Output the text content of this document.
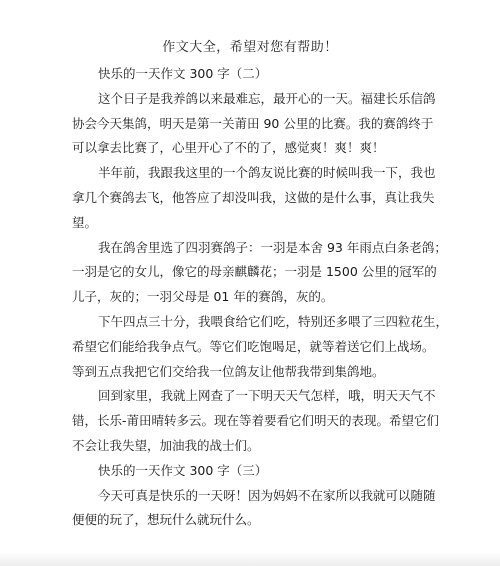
作文大全，希望对您有帮助！
快乐的一天作文 300 字（二）
这个日子是我养鸽以来最难忘，最开心的一天。福建长乐信鸽
协会今天集鸽，明天是第一关莆田 90 公里的比赛。我的赛鸽终于
可以拿去比赛了，心里开心了不的了，感觉爽！爽！爽！
半年前，我跟我这里的一个鸽友说比赛的时候叫我一下，我也
拿几个赛鸽去飞，他答应了却没叫我，这做的是什么事，真让我失
望。
我在鸽舍里选了四羽赛鸽子：一羽是本舍 93 年雨点白条老鸽；
一羽是它的女儿，像它的母亲麒麟花；一羽是 1500 公里的冠军的
儿子，灰的；一羽父母是 01 年的赛鸽，灰的。
下午四点三十分，我喂食给它们吃，特别还多喂了三四粒花生，
希望它们能给我争点气。等它们吃饱喝足，就等着送它们上战场。
等到五点我把它们交给我一位鸽友让他帮我带到集鸽地。
回到家里，我就上网查了一下明天天气怎样，哦，明天天气不
错，长乐-莆田晴转多云。现在等着要看它们明天的表现。希望它们
不会让我失望，加油我的战士们。
快乐的一天作文 300 字（三）
今天可真是快乐的一天呀！因为妈妈不在家所以我就可以随随
便便的玩了，想玩什么就玩什么。
